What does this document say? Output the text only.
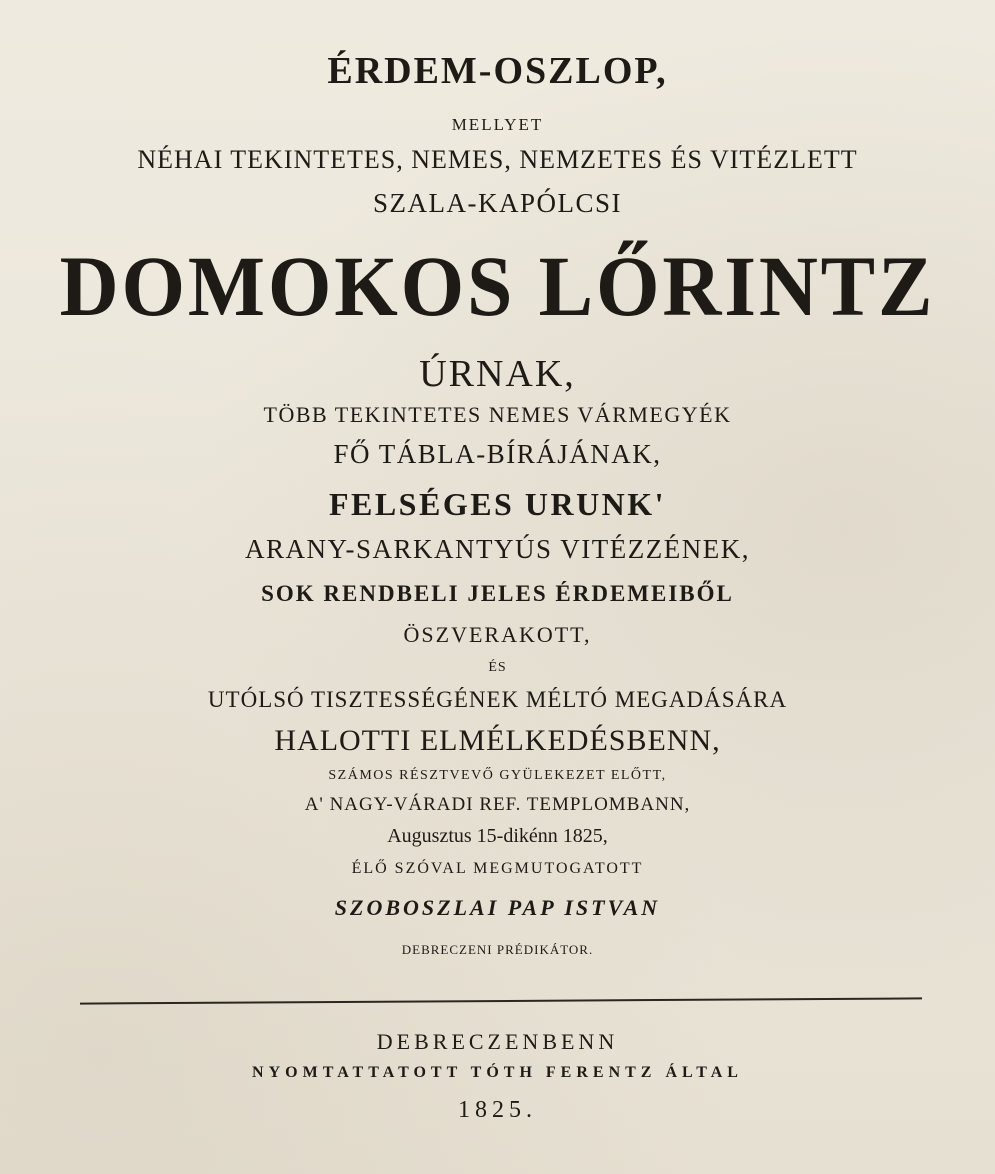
ÉRDEM-OSZLOP,
MELLYET
NÉHAI TEKINTETES, NEMES, NEMZETES ÉS VITÉZLETT
SZALA-KAPÓLCSI
DOMOKOS LŐRINTZ
ÚRNAK,
TÖBB TEKINTETES NEMES VÁRMEGYÉK
FŐ TÁBLA-BÍRÁJÁNAK,
FELSÉGES URUNK'
ARANY-SARKANTYÚS VITÉZZÉNEK,
SOK RENDBELI JELES ÉRDEMEIBŐL
ÖSZVERAKOTT,
ÉS
UTÓLSÓ TISZTESSÉGÉNEK MÉLTÓ MEGADÁSÁRA
HALOTTI ELMÉLKEDÉSBENN,
SZÁMOS RÉSZTVEVŐ GYÜLEKEZET ELŐTT,
A' NAGY-VÁRADI REF. TEMPLOMBANN,
Augusztus 15-dikénn 1825,
ÉLŐ SZÓVAL MEGMUTOGATOTT
SZOBOSZLAI PAP ISTVAN
DEBRECZENI PRÉDIKÁTOR.
DEBRECZENBENN
NYOMTATTATOTT TÓTH FERENTZ ÁLTAL
1825.
